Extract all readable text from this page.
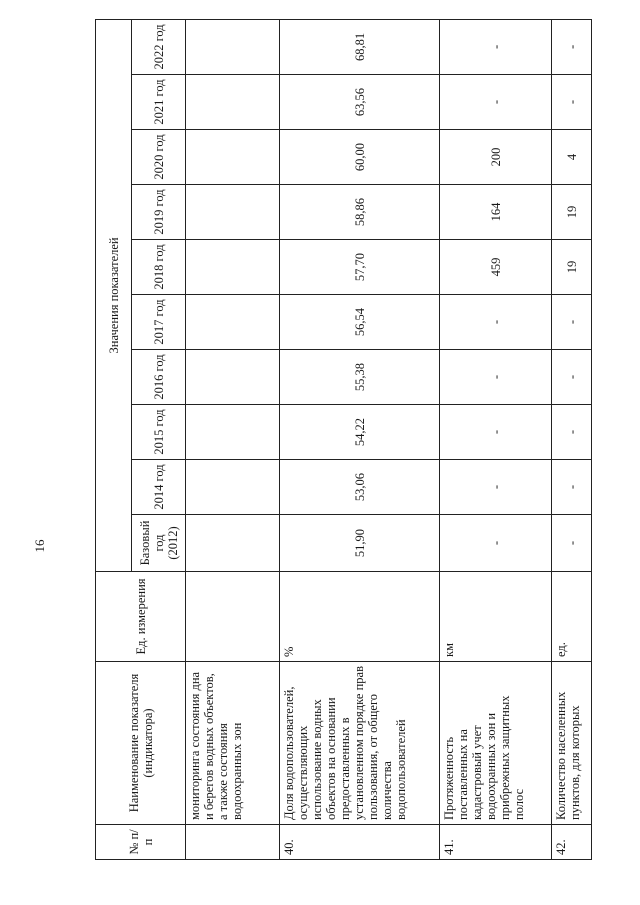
16
№ п/п	Наименование показателя (индикатора)	Ед. измерения	Значения показателей									
			Базовый год (2012)	2014 год	2015 год	2016 год	2017 год	2018 год	2019 год	2020 год	2021 год	2022 год
	мониторинга состояния дна и берегов водных объектов, а также состояния водоохранных зон											
40.	Доля водопользователей, осуществляющих использование водных объектов на основании предоставленных в установленном порядке прав пользования, от общего количества водопользователей	%	51,90	53,06	54,22	55,38	56,54	57,70	58,86	60,00	63,56	68,81
41.	Протяженность поставленных на кадастровый учет водоохранных зон и прибрежных защитных полос	км	-	-	-	-	-	459	164	200	-	-
42.	Количество населенных пунктов, для которых	ед.	-	-	-	-	-	19	19	4	-	-
